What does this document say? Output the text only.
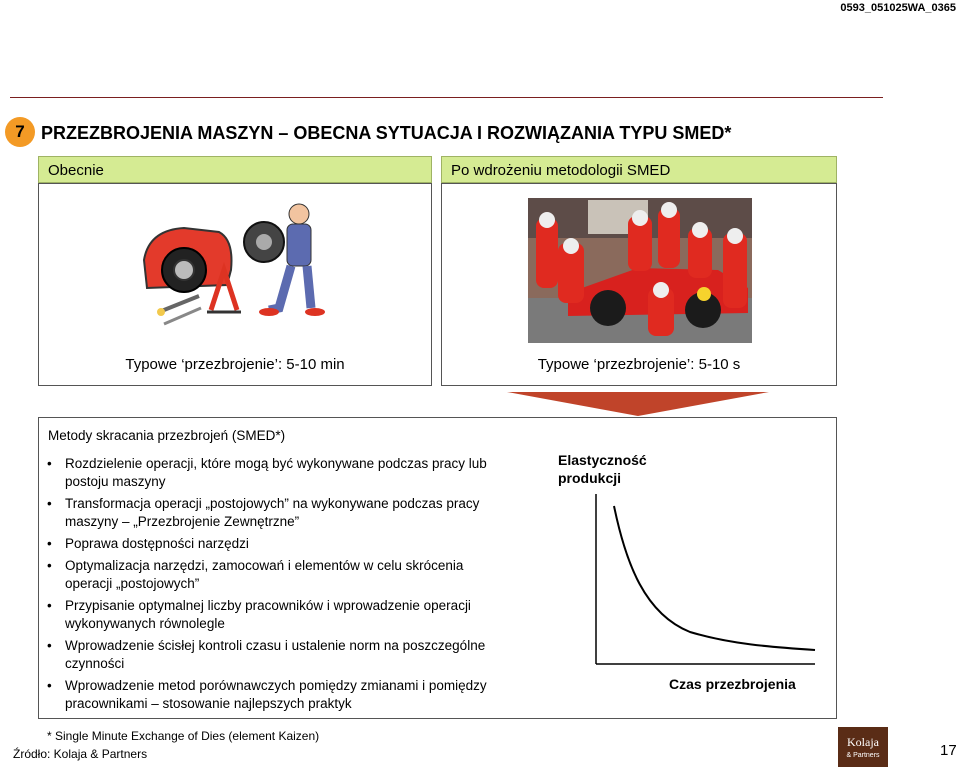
0593_051025WA_0365
7 PRZEZBROJENIA MASZYN – OBECNA SYTUACJA I ROZWIĄZANIA TYPU SMED*
Obecnie	Po wdrożeniu metodologii SMED
Typowe ‘przezbrojenie’: 5-10 min	Typowe ‘przezbrojenie’: 5-10 s
Metody skracania przezbrojeń (SMED*)
• Rozdzielenie operacji, które mogą być wykonywane podczas pracy lub postoju maszyny
• Transformacja operacji „postojowych” na wykonywane podczas pracy maszyny – „Przezbrojenie Zewnętrzne”
• Poprawa dostępności narzędzi
• Optymalizacja narzędzi, zamocowań i elementów w celu skrócenia operacji „postojowych”
• Przypisanie optymalnej liczby pracowników i wprowadzenie operacji wykonywanych równolegle
• Wprowadzenie ścisłej kontroli czasu i ustalenie norm na poszczególne czynności
• Wprowadzenie metod porównawczych pomiędzy zmianami i pomiędzy pracownikami – stosowanie najlepszych praktyk
Elastyczność produkcji
Czas przezbrojenia
* Single Minute Exchange of Dies (element Kaizen)
Źródło: Kolaja & Partners
Kolaja
& Partners	17
